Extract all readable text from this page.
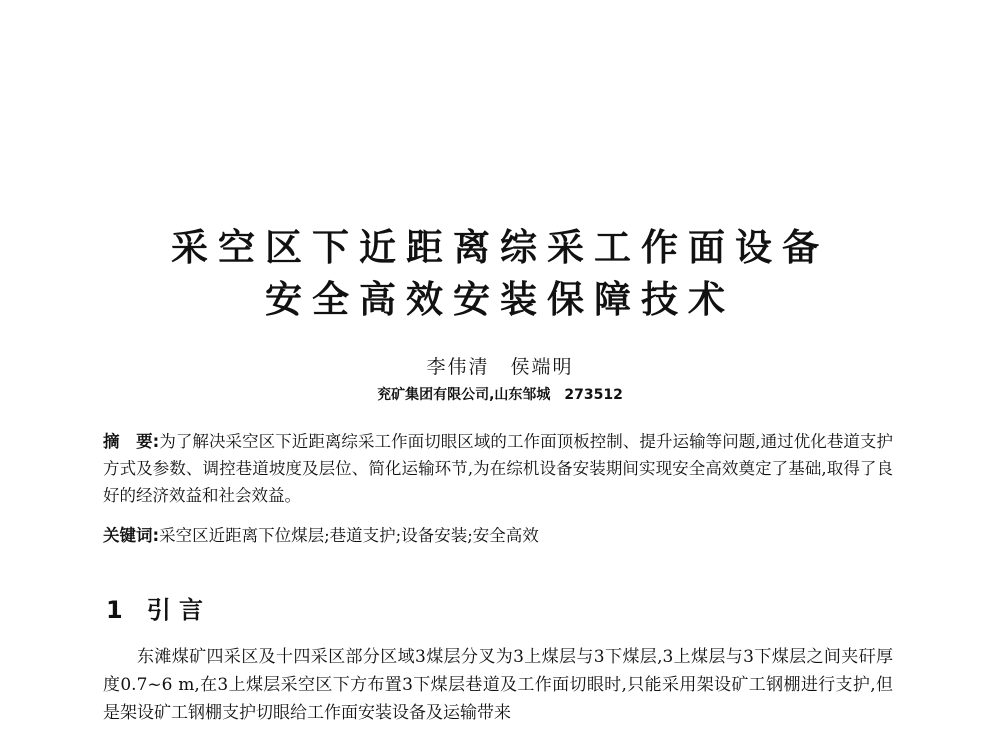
采空区下近距离综采工作面设备
安全高效安装保障技术
李伟清　侯端明
兖矿集团有限公司,山东邹城　273512
摘　要:为了解决采空区下近距离综采工作面切眼区域的工作面顶板控制、提升运输等问题,通过优化巷道支护方式及参数、调控巷道坡度及层位、简化运输环节,为在综机设备安装期间实现安全高效奠定了基础,取得了良好的经济效益和社会效益。
关键词:采空区近距离下位煤层;巷道支护;设备安装;安全高效
1 引 言

东滩煤矿四采区及十四采区部分区域3煤层分叉为3上煤层与3下煤层,3上煤层与3下煤层之间夹矸厚度0.7~6 m,在3上煤层采空区下方布置3下煤层巷道及工作面切眼时,只能采用架设矿工钢棚进行支护,但是架设矿工钢棚支护切眼给工作面安装设备及运输带来
